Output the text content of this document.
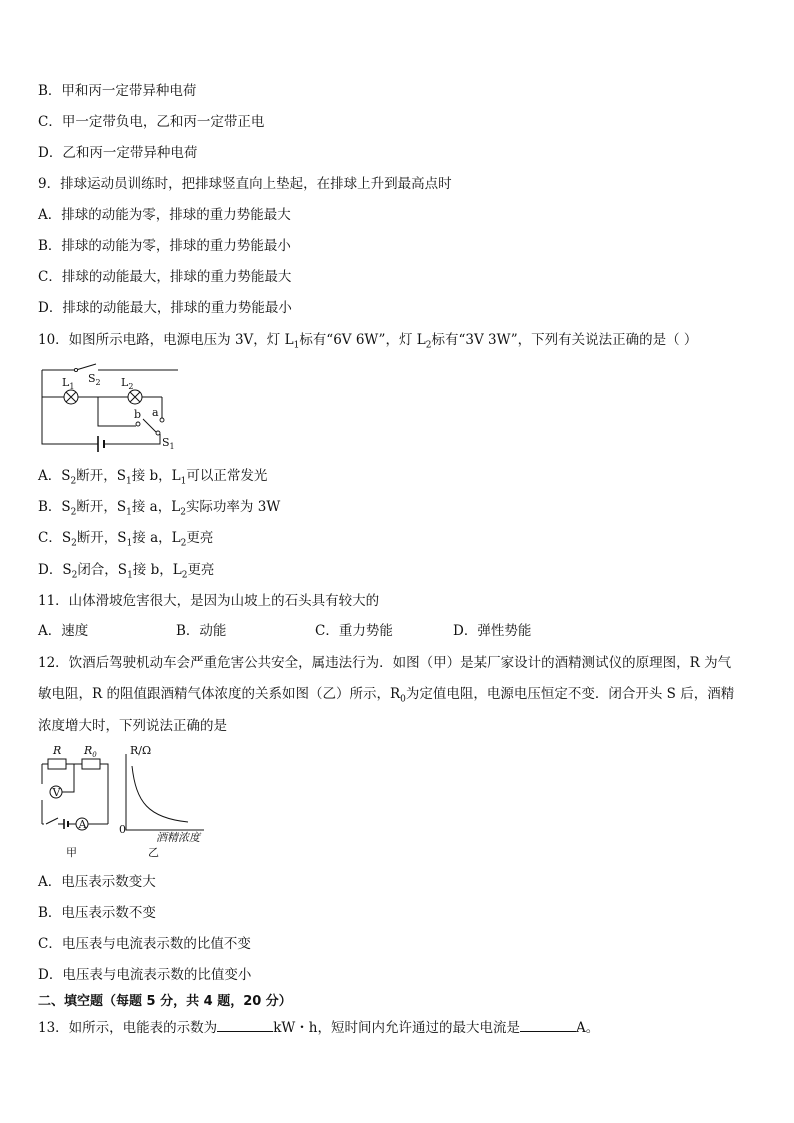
B．甲和丙一定带异种电荷
C．甲一定带负电，乙和丙一定带正电
D．乙和丙一定带异种电荷
9．排球运动员训练时，把排球竖直向上垫起，在排球上升到最高点时
A．排球的动能为零，排球的重力势能最大
B．排球的动能为零，排球的重力势能最小
C．排球的动能最大，排球的重力势能最大
D．排球的动能最大，排球的重力势能最小
10．如图所示电路，电源电压为 3V，灯 $L_1$标有“6V 6W”，灯 $L_2$标有“3V 3W”，下列有关说法正确的是（ ）
$L_1$
$S_2$ $L_2$
b a
$S_1$
A．$S_2$断开，$S_1$接 b，$L_1$可以正常发光
B．$S_2$断开，$S_1$接 a，$L_2$实际功率为 3W
C．$S_2$断开，$S_1$接 a，$L_2$更亮
D．$S_2$闭合，$S_1$接 b，$L_2$更亮
11．山体滑坡危害很大，是因为山坡上的石头具有较大的
A．速度	B．动能	C．重力势能	D．弹性势能
12．饮酒后驾驶机动车会严重危害公共安全，属违法行为．如图（甲）是某厂家设计的酒精测试仪的原理图，R 为气
敏电阻，R 的阻值跟酒精气体浓度的关系如图（乙）所示，$R_0$为定值电阻，电源电压恒定不变．闭合开头 S 后，酒精
浓度增大时，下列说法正确的是
R $R_0$
V
A
甲
R/Ω
0
酒精浓度
乙
A．电压表示数变大
B．电压表示数不变
C．电压表与电流表示数的比值不变
D．电压表与电流表示数的比值变小
二、填空题（每题 5 分，共 4 题，20 分）
13．如所示，电能表的示数为	kW・h，短时间内允许通过的最大电流是	A。
